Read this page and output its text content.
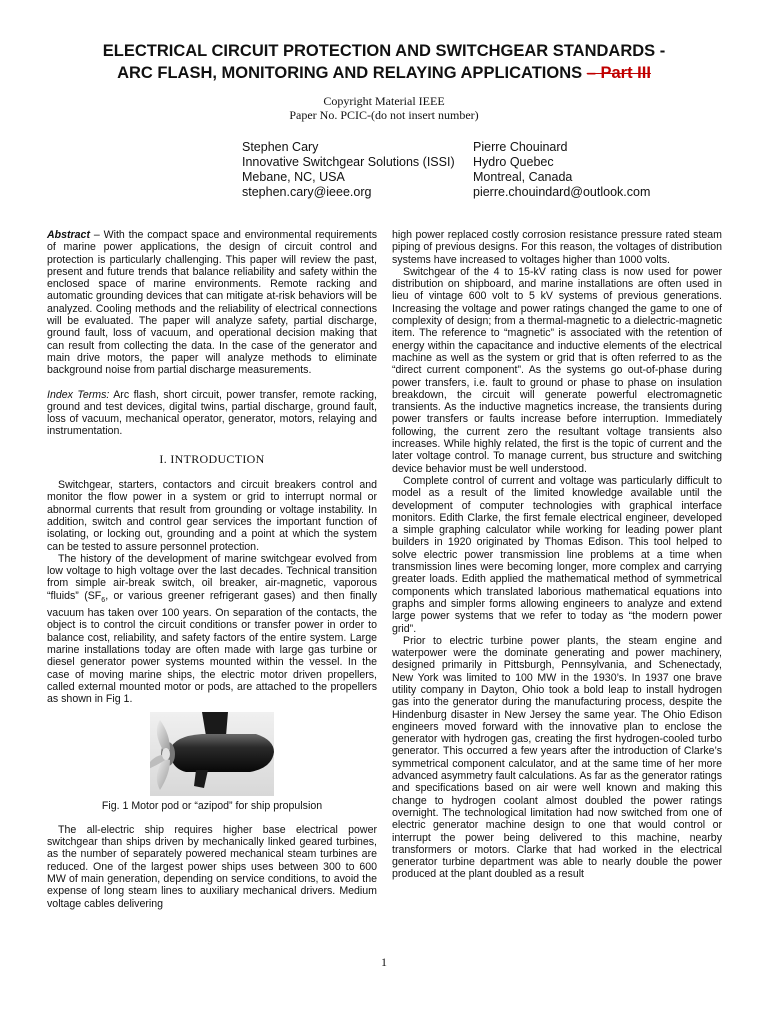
ELECTRICAL CIRCUIT PROTECTION AND SWITCHGEAR STANDARDS -
ARC FLASH, MONITORING AND RELAYING APPLICATIONS – Part III
Copyright Material IEEE
Paper No. PCIC-(do not insert number)
Stephen Cary
Innovative Switchgear Solutions (ISSI)
Mebane, NC, USA
stephen.cary@ieee.org
Pierre Chouinard
Hydro Quebec
Montreal, Canada
pierre.chouindard@outlook.com

Abstract – With the compact space and environmental requirements of marine power applications, the design of circuit control and protection is particularly challenging. This paper will review the past, present and future trends that balance reliability and safety within the enclosed space of marine environments. Remote racking and automatic grounding devices that can mitigate at-risk behaviors will be analyzed. Cooling methods and the reliability of electrical connections will be evaluated. The paper will analyze safety, partial discharge, ground fault, loss of vacuum, and operational decision making that can result from collecting the data. In the case of the generator and main drive motors, the paper will analyze methods to eliminate background noise from partial discharge measurements.

Index Terms: Arc flash, short circuit, power transfer, remote racking, ground and test devices, digital twins, partial discharge, ground fault, loss of vacuum, mechanical operator, generator, motors, relaying and instrumentation.

I. INTRODUCTION

Switchgear, starters, contactors and circuit breakers control and monitor the flow power in a system or grid to interrupt normal or abnormal currents that result from grounding or voltage instability. In addition, switch and control gear services the important function of isolating, or locking out, grounding and a point at which the system can be tested to assure personnel protection.

The history of the development of marine switchgear evolved from low voltage to high voltage over the last decades. Technical transition from simple air-break switch, oil breaker, air-magnetic, vaporous “fluids” ($SF_6$, or various greener refrigerant gases) and then finally vacuum has taken over 100 years. On separation of the contacts, the object is to control the circuit conditions or transfer power in order to balance cost, reliability, and safety factors of the entire system. Large marine installations today are often made with large gas turbine or diesel generator power systems mounted within the vessel. In the case of moving marine ships, the electric motor driven propellers, called external mounted motor or pods, are attached to the propellers as shown in Fig 1.

Fig. 1 Motor pod or “azipod” for ship propulsion

The all-electric ship requires higher base electrical power switchgear than ships driven by mechanically linked geared turbines, as the number of separately powered mechanical steam turbines are reduced. One of the largest power ships uses between 300 to 600 MW of main generation, depending on service conditions, to avoid the expense of long steam lines to auxiliary mechanical drivers. Medium voltage cables delivering

high power replaced costly corrosion resistance pressure rated steam piping of previous designs. For this reason, the voltages of distribution systems have increased to voltages higher than 1000 volts.

Switchgear of the 4 to 15-kV rating class is now used for power distribution on shipboard, and marine installations are often used in lieu of vintage 600 volt to 5 kV systems of previous generations. Increasing the voltage and power ratings changed the game to one of complexity of design; from a thermal-magnetic to a dielectric-magnetic item. The reference to “magnetic” is associated with the retention of energy within the capacitance and inductive elements of the electrical machine as well as the system or grid that is often referred to as the “direct current component”. As the systems go out-of-phase during power transfers, i.e. fault to ground or phase to phase on insulation breakdown, the circuit will generate powerful electromagnetic transients. As the inductive magnetics increase, the transients during power transfers or faults increase before interruption. Immediately following, the current zero the resultant voltage transients also increases. While highly related, the first is the topic of current and the later voltage control. To manage current, bus structure and switching device behavior must be well understood.

Complete control of current and voltage was particularly difficult to model as a result of the limited knowledge available until the development of computer technologies with graphical interface monitors. Edith Clarke, the first female electrical engineer, developed a simple graphing calculator while working for leading power plant builders in 1920 originated by Thomas Edison. This tool helped to solve electric power transmission line problems at a time when transmission lines were becoming longer, more complex and carrying greater loads. Edith applied the mathematical method of symmetrical components which translated laborious mathematical equations into graphs and simpler forms allowing engineers to analyze and extend large power systems that we refer to today as “the modern power grid”.

Prior to electric turbine power plants, the steam engine and waterpower were the dominate generating and power machinery, designed primarily in Pittsburgh, Pennsylvania, and Schenectady, New York was limited to 100 MW in the 1930’s. In 1937 one brave utility company in Dayton, Ohio took a bold leap to install hydrogen gas into the generator during the manufacturing process, despite the Hindenburg disaster in New Jersey the same year. The Ohio Edison engineers moved forward with the innovative plan to enclose the generator with hydrogen gas, creating the first hydrogen-cooled turbo generator. This occurred a few years after the introduction of Clarke’s symmetrical component calculator, and at the same time of her more advanced asymmetry fault calculations. As far as the generator ratings and specifications based on air were well known and making this change to hydrogen coolant almost doubled the power ratings overnight. The technological limitation had now switched from one of electric generator machine design to one that would control or interrupt the power being delivered to this machine, nearby transformers or motors. Clarke that had worked in the electrical generator turbine department was able to nearly double the power produced at the plant doubled as a result

1
